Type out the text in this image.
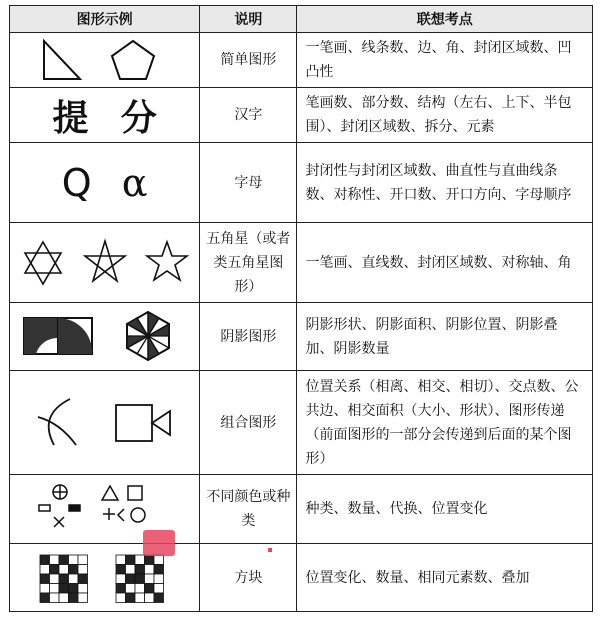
图形示例	说明	联想考点

	简单图形	一笔画、线条数、边、角、封闭区域数、凹凸性
提 分	汉字	笔画数、部分数、结构（左右、上下、半包围）、封闭区域数、拆分、元素
Q α	字母	封闭性与封闭区域数、曲直性与直曲线条数、对称性、开口数、开口方向、字母顺序

	五角星（或者类五角星图形）	一笔画、直线数、封闭区域数、对称轴、角

	阴影图形	阴影形状、阴影面积、阴影位置、阴影叠加、阴影数量

	组合图形	位置关系（相离、相交、相切）、交点数、公共边、相交面积（大小、形状）、图形传递（前面图形的一部分会传递到后面的某个图形）

	不同颜色或种类	种类、数量、代换、位置变化

	方块	位置变化、数量、相同元素数、叠加
